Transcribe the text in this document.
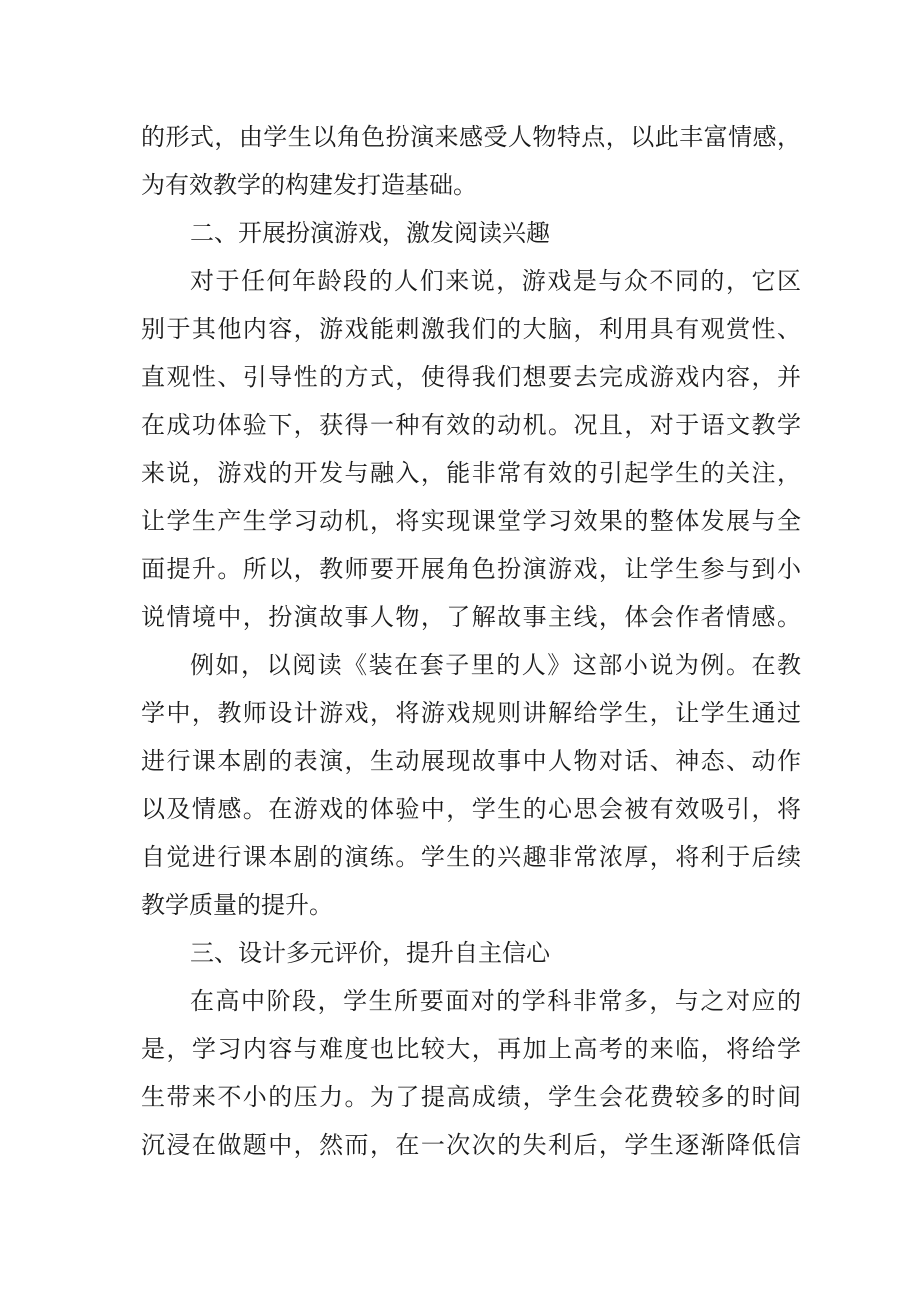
的形式，由学生以角色扮演来感受人物特点，以此丰富情感，
为有效教学的构建发打造基础。
二、开展扮演游戏，激发阅读兴趣
对于任何年龄段的人们来说，游戏是与众不同的，它区
别于其他内容，游戏能刺激我们的大脑，利用具有观赏性、
直观性、引导性的方式，使得我们想要去完成游戏内容，并
在成功体验下，获得一种有效的动机。况且，对于语文教学
来说，游戏的开发与融入，能非常有效的引起学生的关注，
让学生产生学习动机，将实现课堂学习效果的整体发展与全
面提升。所以，教师要开展角色扮演游戏，让学生参与到小
说情境中，扮演故事人物，了解故事主线，体会作者情感。
例如，以阅读《装在套子里的人》这部小说为例。在教
学中，教师设计游戏，将游戏规则讲解给学生，让学生通过
进行课本剧的表演，生动展现故事中人物对话、神态、动作
以及情感。在游戏的体验中，学生的心思会被有效吸引，将
自觉进行课本剧的演练。学生的兴趣非常浓厚，将利于后续
教学质量的提升。
三、设计多元评价，提升自主信心
在高中阶段，学生所要面对的学科非常多，与之对应的
是，学习内容与难度也比较大，再加上高考的来临，将给学
生带来不小的压力。为了提高成绩，学生会花费较多的时间
沉浸在做题中，然而，在一次次的失利后，学生逐渐降低信
